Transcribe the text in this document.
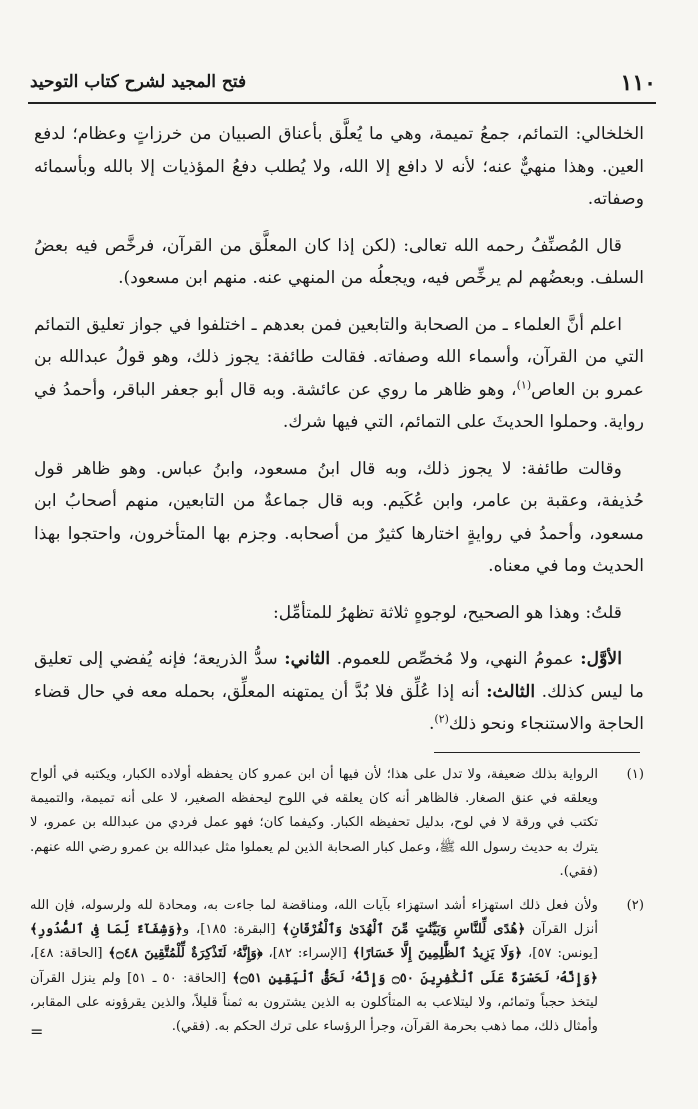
١١٠
فتح المجيد لشرح كتاب التوحيد

الخلخالي: التمائم، جمعُ تميمة، وهي ما يُعلَّق بأعناق الصبيان من خرزاتٍ وعظام؛ لدفع العين. وهذا منهيٌّ عنه؛ لأنه لا دافع إلا الله، ولا يُطلب دفعُ المؤذيات إلا بالله وبأسمائه وصفاته.

قال المُصنِّفُ رحمه الله تعالى: (لكن إذا كان المعلَّق من القرآن، فرخَّص فيه بعضُ السلف. وبعضُهم لم يرخِّص فيه، ويجعلُه من المنهي عنه. منهم ابن مسعود).

اعلم أنَّ العلماء ـ من الصحابة والتابعين فمن بعدهم ـ اختلفوا في جواز تعليق التمائم التي من القرآن، وأسماء الله وصفاته. فقالت طائفة: يجوز ذلك، وهو قولُ عبدالله بن عمرو بن العاص$^{(١)}$، وهو ظاهر ما روي عن عائشة. وبه قال أبو جعفر الباقر، وأحمدُ في رواية. وحملوا الحديثَ على التمائم، التي فيها شرك.

وقالت طائفة: لا يجوز ذلك، وبه قال ابنُ مسعود، وابنُ عباس. وهو ظاهر قول حُذيفة، وعقبة بن عامر، وابن عُكَيم. وبه قال جماعةٌ من التابعين، منهم أصحابُ ابن مسعود، وأحمدُ في روايةٍ اختارها كثيرٌ من أصحابه. وجزم بها المتأخرون، واحتجوا بهذا الحديث وما في معناه.

قلتُ: وهذا هو الصحيح، لوجوهٍ ثلاثة تظهرُ للمتأمِّل:

الأوَّل: عمومُ النهي، ولا مُخصِّص للعموم. الثاني: سدُّ الذريعة؛ فإنه يُفضي إلى تعليق ما ليس كذلك. الثالث: أنه إذا عُلِّق فلا بُدَّ أن يمتهنه المعلِّق، بحمله معه في حال قضاء الحاجة والاستنجاء ونحو ذلك$^{(٢)}$.

(١)
الرواية بذلك ضعيفة، ولا تدل على هذا؛ لأن فيها أن ابن عمرو كان يحفظه أولاده الكبار، ويكتبه في ألواح ويعلقه في عنق الصغار. فالظاهر أنه كان يعلقه في اللوح ليحفظه الصغير، لا على أنه تميمة، والتميمة تكتب في ورقة لا في لوح، بدليل تحفيظه الكبار. وكيفما كان؛ فهو عمل فردي من عبدالله بن عمرو، لا يترك به حديث رسول الله ﷺ، وعمل كبار الصحابة الذين لم يعملوا مثل عبدالله بن عمرو رضي الله عنهم. (فقي).
(٢)
ولأن فعل ذلك استهزاء أشد استهزاء بآيات الله، ومناقضة لما جاءت به، ومحادة لله ولرسوله، فإن الله أنزل القرآن ﴿هُدًى لِّلنَّاسِ وَبَيِّنَٰتٍ مِّنَ ٱلْهُدَىٰ وَٱلْفُرْقَانِ﴾ [البقرة: ١٨٥]، و﴿وَشِفَآءٌ لِّمَا فِى ٱلصُّدُورِ﴾ [يونس: ٥٧]، ﴿وَلَا يَزِيدُ ٱلظَّٰلِمِينَ إِلَّا خَسَارًا﴾ [الإسراء: ٨٢]، ﴿وَإِنَّهُۥ لَتَذْكِرَةٌ لِّلْمُتَّقِينَ ۝٤٨﴾ [الحاقة: ٤٨]، ﴿وَإِنَّهُۥ لَحَسْرَةٌ عَلَى ٱلْكَٰفِرِينَ ۝٥٠ وَإِنَّهُۥ لَحَقُّ ٱلْيَقِينِ ۝٥١﴾ [الحاقة: ٥٠ ـ ٥١] ولم ينزل القرآن ليتخذ حجباً وتمائم، ولا ليتلاعب به المتأكلون به الذين يشترون به ثمناً قليلاً، والذين يقرؤونه على المقابر، وأمثال ذلك، مما ذهب بحرمة القرآن، وجرأ الرؤساء على ترك الحكم به. (فقي).
=
